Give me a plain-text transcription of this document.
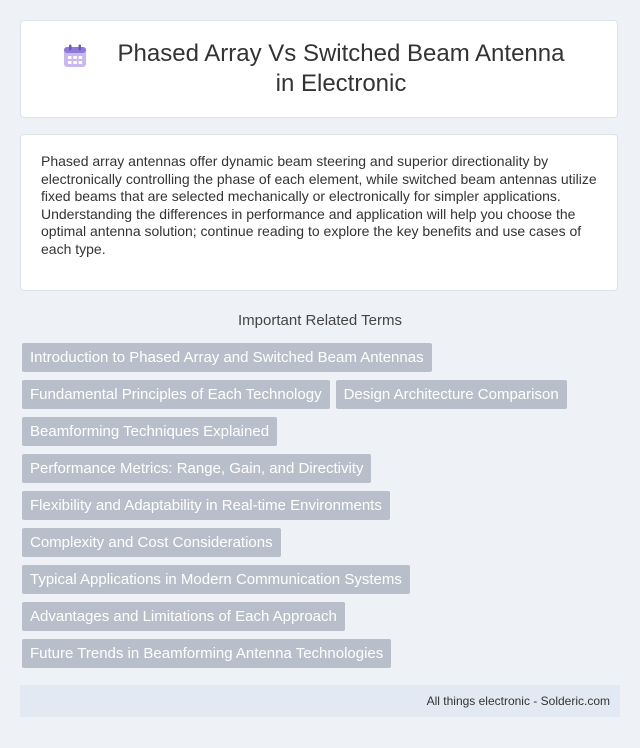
Phased Array Vs Switched Beam Antenna in Electronic

Phased array antennas offer dynamic beam steering and superior directionality by electronically controlling the phase of each element, while switched beam antennas utilize fixed beams that are selected mechanically or electronically for simpler applications. Understanding the differences in performance and application will help you choose the optimal antenna solution; continue reading to explore the key benefits and use cases of each type.

Important Related Terms
Introduction to Phased Array and Switched Beam Antennas
Fundamental Principles of Each Technology	Design Architecture Comparison
Beamforming Techniques Explained
Performance Metrics: Range, Gain, and Directivity
Flexibility and Adaptability in Real-time Environments
Complexity and Cost Considerations
Typical Applications in Modern Communication Systems
Advantages and Limitations of Each Approach
Future Trends in Beamforming Antenna Technologies
All things electronic - Solderic.com
